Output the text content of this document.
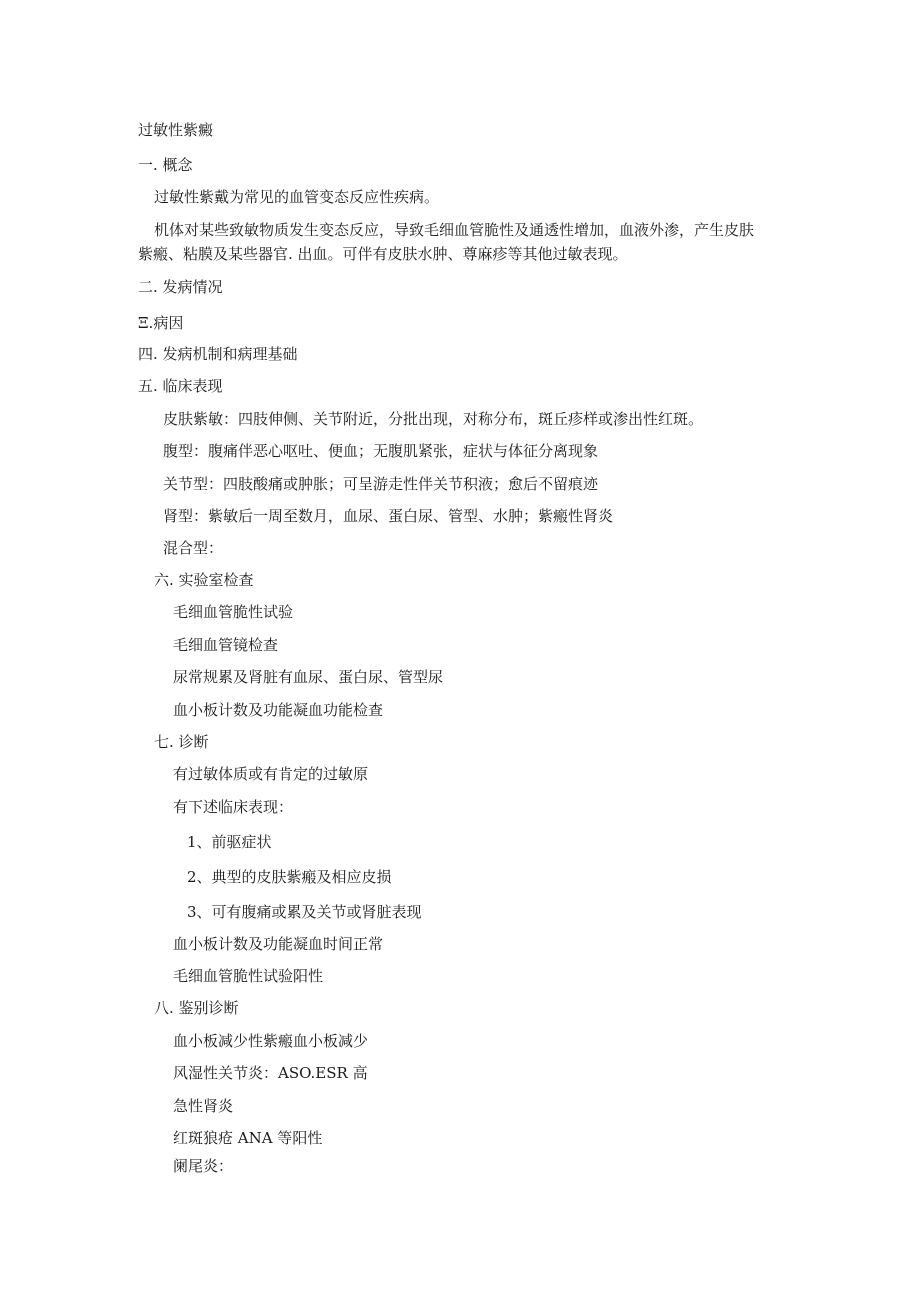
过敏性紫癜
一. 概念

过敏性紫戴为常见的血管变态反应性疾病。

机体对某些致敏物质发生变态反应，导致毛细血管脆性及通透性增加，血液外渗，产生皮肤

紫瘢、粘膜及某些器官. 出血。可伴有皮肤水肿、尊麻疹等其他过敏表现。

二. 发病情况
Ξ.病因
四. 发病机制和病理基础
五. 临床表现

皮肤紫敏：四肢伸侧、关节附近，分批出现，对称分布，斑丘疹样或渗出性红斑。

腹型：腹痛伴恶心呕吐、便血；无腹肌紧张，症状与体征分离现象

关节型：四肢酸痛或肿胀；可呈游走性伴关节积液；愈后不留痕迹

肾型：紫敏后一周至数月，血尿、蛋白尿、管型、水肿；紫瘢性肾炎

混合型：

六. 实验室检查

毛细血管脆性试验

毛细血管镜检查

尿常规累及肾脏有血尿、蛋白尿、管型尿

血小板计数及功能凝血功能检查

七. 诊断

有过敏体质或有肯定的过敏原

有下述临床表现：

1、前驱症状

2、典型的皮肤紫瘢及相应皮损

3、可有腹痛或累及关节或肾脏表现

血小板计数及功能凝血时间正常

毛细血管脆性试验阳性

八. 鉴别诊断

血小板减少性紫瘢血小板减少

风湿性关节炎：ASO.ESR 高

急性肾炎

红斑狼疮 ANA 等阳性

阑尾炎：
